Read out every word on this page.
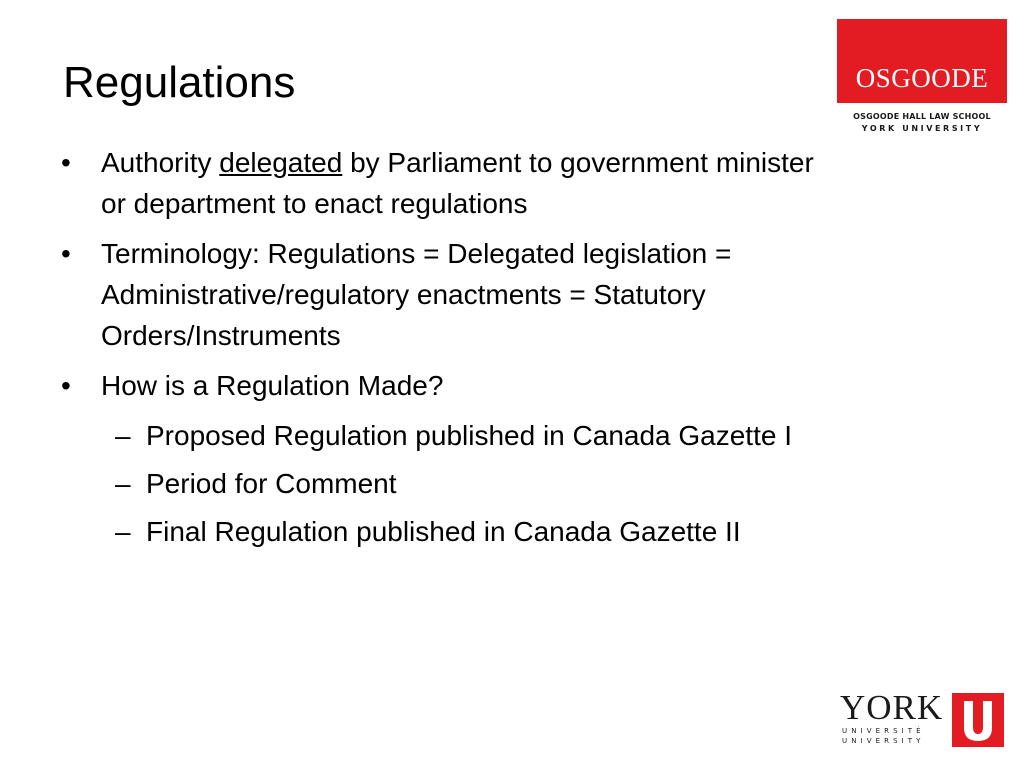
Regulations
• Authority delegated by Parliament to government minister or department to enact regulations
• Terminology: Regulations = Delegated legislation = Administrative/regulatory enactments = Statutory Orders/Instruments
• How is a Regulation Made?
– Proposed Regulation published in Canada Gazette I
– Period for Comment
– Final Regulation published in Canada Gazette II
OSGOODE
OSGOODE HALL LAW SCHOOL
YORK UNIVERSITY
YORK
UNIVERSITÉ
UNIVERSITY
